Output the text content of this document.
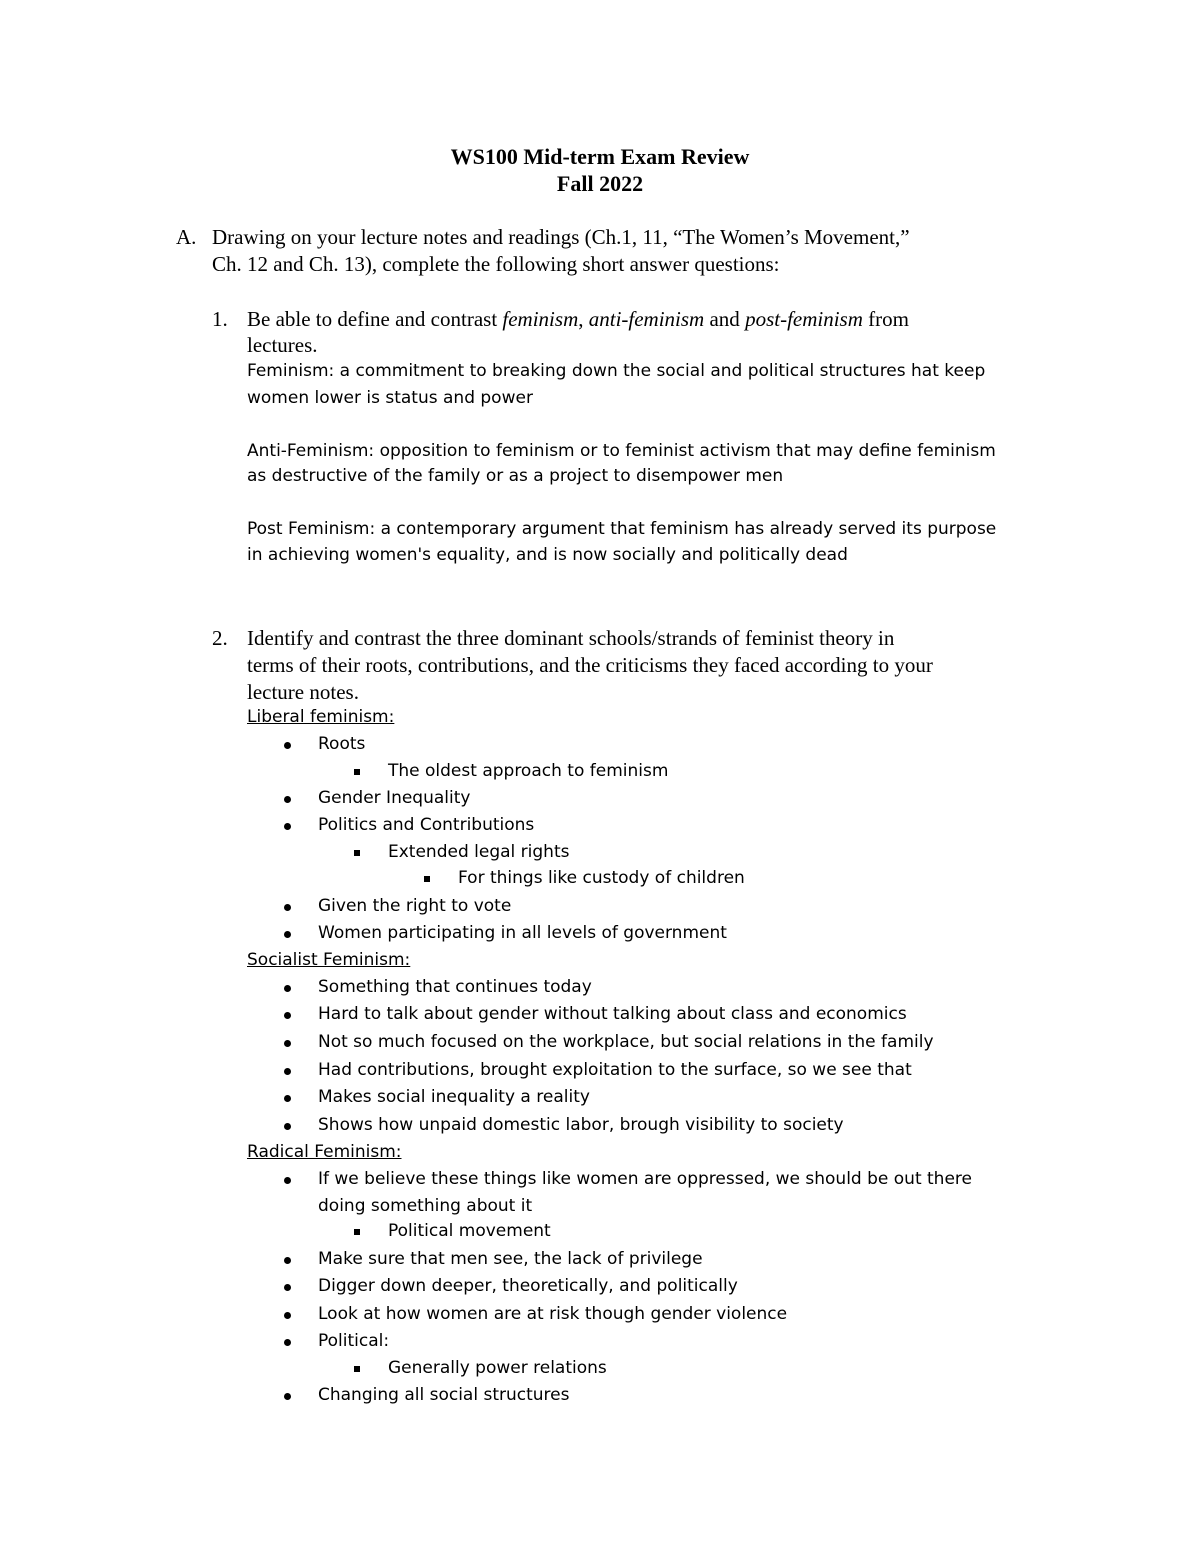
WS100 Mid-term Exam Review
Fall 2022
A. Drawing on your lecture notes and readings (Ch.1, 11, “The Women’s Movement,”
Ch. 12 and Ch. 13), complete the following short answer questions:
1. Be able to define and contrast feminism, anti-feminism and post-feminism from
lectures.
Feminism: a commitment to breaking down the social and political structures hat keep
women lower is status and power
Anti-Feminism: opposition to feminism or to feminist activism that may define feminism
as destructive of the family or as a project to disempower men
Post Feminism: a contemporary argument that feminism has already served its purpose
in achieving women's equality, and is now socially and politically dead
2. Identify and contrast the three dominant schools/strands of feminist theory in
terms of their roots, contributions, and the criticisms they faced according to your
lecture notes.
Liberal feminism:
Roots
The oldest approach to feminism
Gender Inequality
Politics and Contributions
Extended legal rights
For things like custody of children
Given the right to vote
Women participating in all levels of government
Socialist Feminism:
Something that continues today
Hard to talk about gender without talking about class and economics
Not so much focused on the workplace, but social relations in the family
Had contributions, brought exploitation to the surface, so we see that
Makes social inequality a reality
Shows how unpaid domestic labor, brough visibility to society
Radical Feminism:
If we believe these things like women are oppressed, we should be out there
doing something about it
Political movement
Make sure that men see, the lack of privilege
Digger down deeper, theoretically, and politically
Look at how women are at risk though gender violence
Political:
Generally power relations
Changing all social structures
